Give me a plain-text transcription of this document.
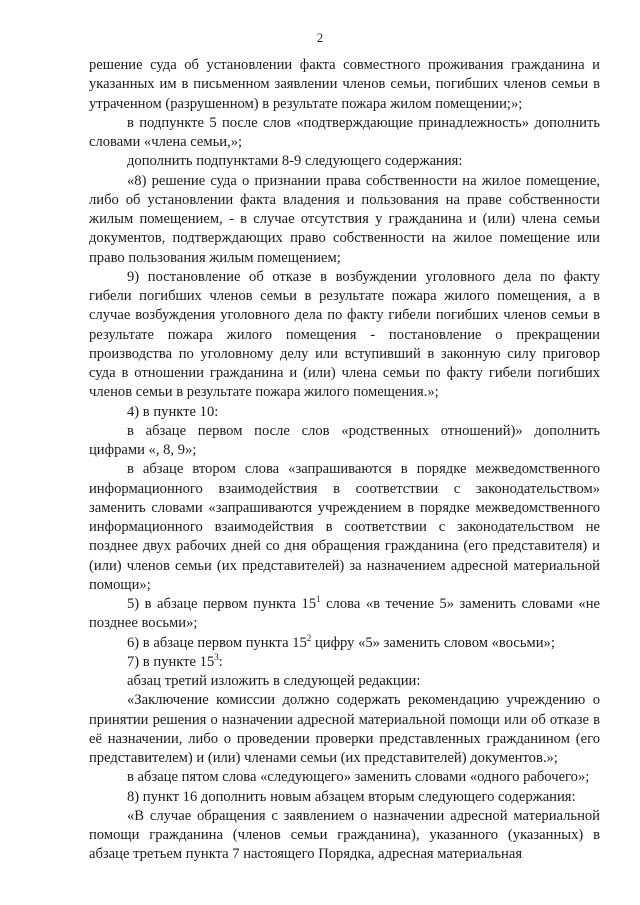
2

решение суда об установлении факта совместного проживания гражданина и указанных им в письменном заявлении членов семьи, погибших членов семьи в утраченном (разрушенном) в результате пожара жилом помещении;»;

в подпункте 5 после слов «подтверждающие принадлежность» дополнить словами «члена семьи,»;

дополнить подпунктами 8-9 следующего содержания:

«8) решение суда о признании права собственности на жилое помещение, либо об установлении факта владения и пользования на праве собственности жилым помещением, - в случае отсутствия у гражданина и (или) члена семьи документов, подтверждающих право собственности на жилое помещение или право пользования жилым помещением;

9) постановление об отказе в возбуждении уголовного дела по факту гибели погибших членов семьи в результате пожара жилого помещения, а в случае возбуждения уголовного дела по факту гибели погибших членов семьи в результате пожара жилого помещения - постановление о прекращении производства по уголовному делу или вступивший в законную силу приговор суда в отношении гражданина и (или) члена семьи по факту гибели погибших членов семьи в результате пожара жилого помещения.»;

4) в пункте 10:

в абзаце первом после слов «родственных отношений)» дополнить цифрами «, 8, 9»;

в абзаце втором слова «запрашиваются в порядке межведомственного информационного взаимодействия в соответствии с законодательством» заменить словами «запрашиваются учреждением в порядке межведомственного информационного взаимодействия в соответствии с законодательством не позднее двух рабочих дней со дня обращения гражданина (его представителя) и (или) членов семьи (их представителей) за назначением адресной материальной помощи»;

5) в абзаце первом пункта $15^1$ слова «в течение 5» заменить словами «не позднее восьми»;

6) в абзаце первом пункта $15^2$ цифру «5» заменить словом «восьми»;

7) в пункте $15^3$:

абзац третий изложить в следующей редакции:

«Заключение комиссии должно содержать рекомендацию учреждению о принятии решения о назначении адресной материальной помощи или об отказе в её назначении, либо о проведении проверки представленных гражданином (его представителем) и (или) членами семьи (их представителей) документов.»;

в абзаце пятом слова «следующего» заменить словами «одного рабочего»;

8) пункт 16 дополнить новым абзацем вторым следующего содержания:

«В случае обращения с заявлением о назначении адресной материальной помощи гражданина (членов семьи гражданина), указанного (указанных) в абзаце третьем пункта 7 настоящего Порядка, адресная материальная
